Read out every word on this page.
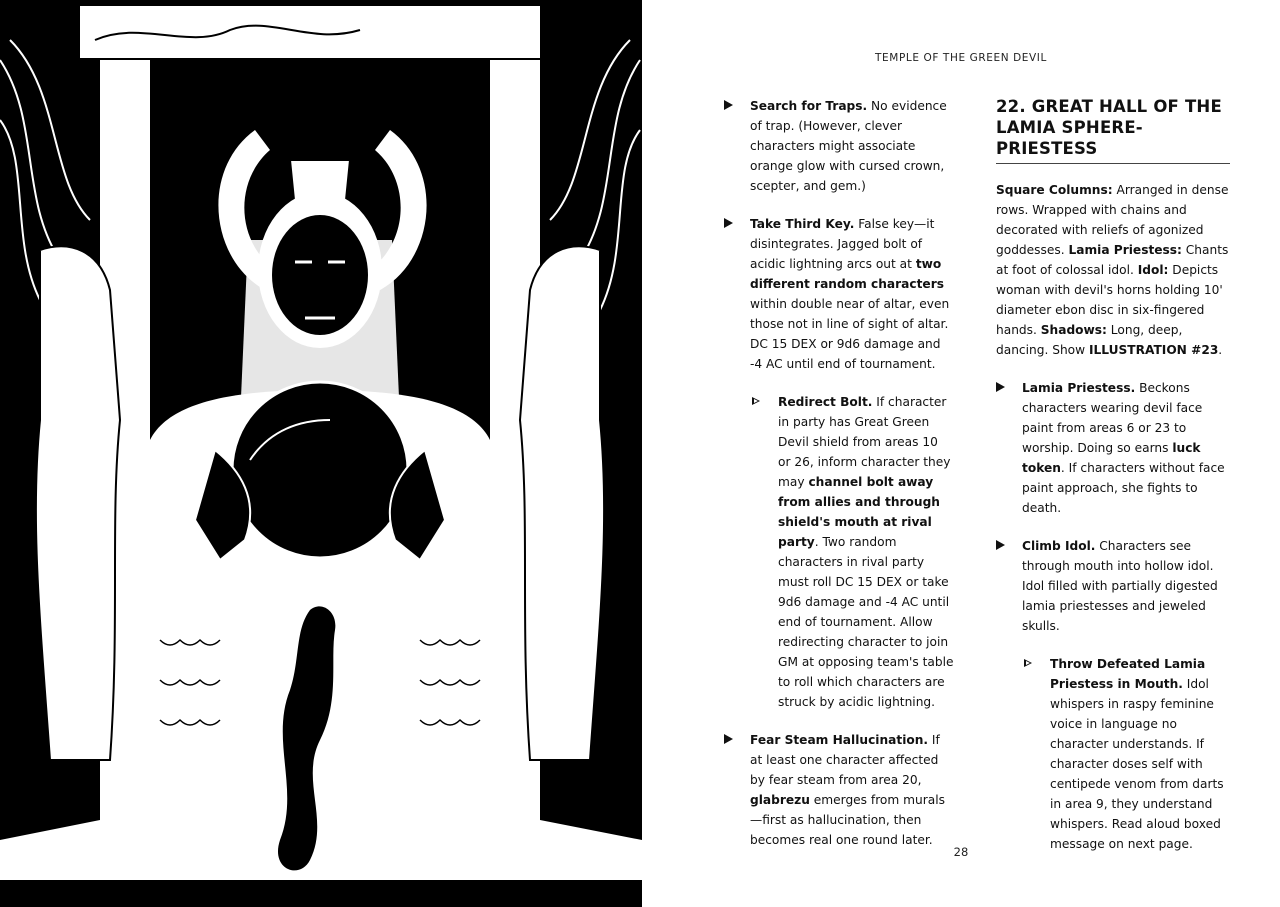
TEMPLE OF THE GREEN DEVIL
Search for Traps. No evidence of trap. (However, clever characters might associate orange glow with cursed crown, scepter, and gem.)
Take Third Key. False key—it disintegrates. Jagged bolt of acidic lightning arcs out at two different random characters within double near of altar, even those not in line of sight of altar. DC 15 DEX or 9d6 damage and -4 AC until end of tournament.
Redirect Bolt. If character in party has Great Green Devil shield from areas 10 or 26, inform character they may channel bolt away from allies and through shield's mouth at rival party. Two random characters in rival party must roll DC 15 DEX or take 9d6 damage and -4 AC until end of tournament. Allow redirecting character to join GM at opposing team's table to roll which characters are struck by acidic lightning.
Fear Steam Hallucination. If at least one character affected by fear steam from area 20, glabrezu emerges from murals—first as hallucination, then becomes real one round later.
22. GREAT HALL OF THE
LAMIA SPHERE-PRIESTESS
Square Columns: Arranged in dense rows. Wrapped with chains and decorated with reliefs of agonized goddesses. Lamia Priestess: Chants at foot of colossal idol. Idol: Depicts woman with devil's horns holding 10' diameter ebon disc in six-fingered hands. Shadows: Long, deep, dancing. Show ILLUSTRATION #23.
Lamia Priestess. Beckons characters wearing devil face paint from areas 6 or 23 to worship. Doing so earns luck token. If characters without face paint approach, she fights to death.
Climb Idol. Characters see through mouth into hollow idol. Idol filled with partially digested lamia priestesses and jeweled skulls.
Throw Defeated Lamia Priestess in Mouth. Idol whispers in raspy feminine voice in language no character understands. If character doses self with centipede venom from darts in area 9, they understand whispers. Read aloud boxed message on next page.
28
